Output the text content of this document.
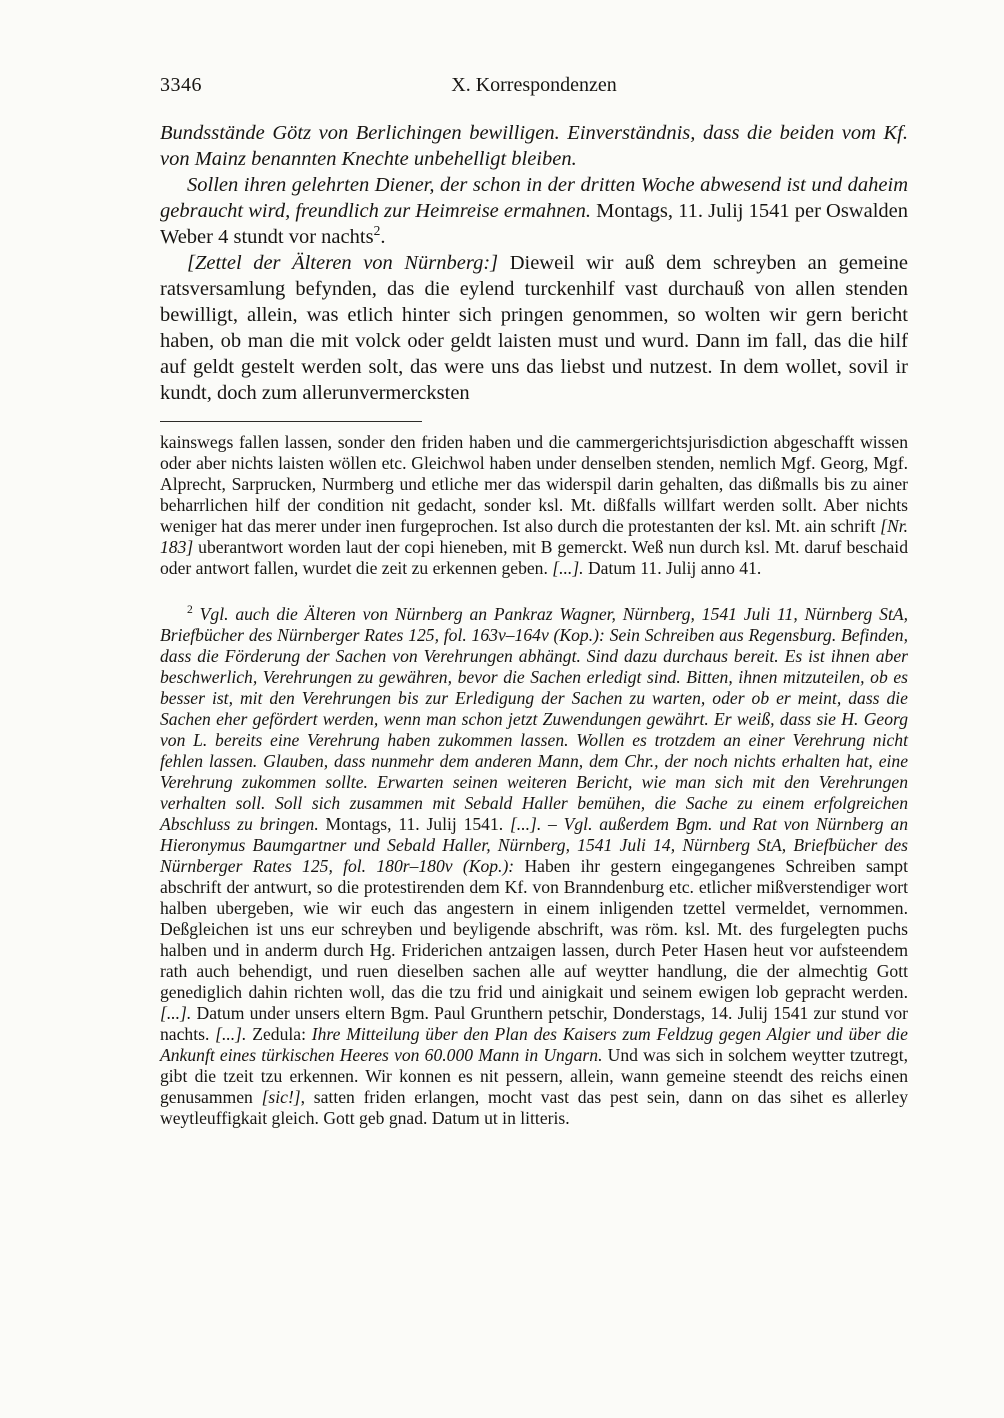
3346	X. Korrespondenzen

Bundsstände Götz von Berlichingen bewilligen. Einverständnis, dass die beiden vom Kf. von Mainz benannten Knechte unbehelligt bleiben.

Sollen ihren gelehrten Diener, der schon in der dritten Woche abwesend ist und daheim gebraucht wird, freundlich zur Heimreise ermahnen. Montags, 11. Julij 1541 per Oswalden Weber 4 stundt vor nachts$^2$.

[Zettel der Älteren von Nürnberg:] Dieweil wir auß dem schreyben an gemeine ratsversamlung befynden, das die eylend turckenhilf vast durchauß von allen stenden bewilligt, allein, was etlich hinter sich pringen genommen, so wolten wir gern bericht haben, ob man die mit volck oder geldt laisten must und wurd. Dann im fall, das die hilf auf geldt gestelt werden solt, das were uns das liebst und nutzest. In dem wollet, sovil ir kundt, doch zum allerunvermercksten

kainswegs fallen lassen, sonder den friden haben und die cammergerichtsjurisdiction abgeschafft wissen oder aber nichts laisten wöllen etc. Gleichwol haben under denselben stenden, nemlich Mgf. Georg, Mgf. Alprecht, Sarprucken, Nurmberg und etliche mer das widerspil darin gehalten, das dißmalls bis zu ainer beharrlichen hilf der condition nit gedacht, sonder ksl. Mt. dißfalls willfart werden sollt. Aber nichts weniger hat das merer under inen furgeprochen. Ist also durch die protestanten der ksl. Mt. ain schrift [Nr. 183] uberantwort worden laut der copi hieneben, mit B gemerckt. Weß nun durch ksl. Mt. daruf beschaid oder antwort fallen, wurdet die zeit zu erkennen geben. [...]. Datum 11. Julij anno 41.

$^2$ Vgl. auch die Älteren von Nürnberg an Pankraz Wagner, Nürnberg, 1541 Juli 11, Nürnberg StA, Briefbücher des Nürnberger Rates 125, fol. 163v–164v (Kop.): Sein Schreiben aus Regensburg. Befinden, dass die Förderung der Sachen von Verehrungen abhängt. Sind dazu durchaus bereit. Es ist ihnen aber beschwerlich, Verehrungen zu gewähren, bevor die Sachen erledigt sind. Bitten, ihnen mitzuteilen, ob es besser ist, mit den Verehrungen bis zur Erledigung der Sachen zu warten, oder ob er meint, dass die Sachen eher gefördert werden, wenn man schon jetzt Zuwendungen gewährt. Er weiß, dass sie H. Georg von L. bereits eine Verehrung haben zukommen lassen. Wollen es trotzdem an einer Verehrung nicht fehlen lassen. Glauben, dass nunmehr dem anderen Mann, dem Chr., der noch nichts erhalten hat, eine Verehrung zukommen sollte. Erwarten seinen weiteren Bericht, wie man sich mit den Verehrungen verhalten soll. Soll sich zusammen mit Sebald Haller bemühen, die Sache zu einem erfolgreichen Abschluss zu bringen. Montags, 11. Julij 1541. [...]. – Vgl. außerdem Bgm. und Rat von Nürnberg an Hieronymus Baumgartner und Sebald Haller, Nürnberg, 1541 Juli 14, Nürnberg StA, Briefbücher des Nürnberger Rates 125, fol. 180r–180v (Kop.): Haben ihr gestern eingegangenes Schreiben sampt abschrift der antwurt, so die protestirenden dem Kf. von Branndenburg etc. etlicher mißverstendiger wort halben ubergeben, wie wir euch das angestern in einem inligenden tzettel vermeldet, vernommen. Deßgleichen ist uns eur schreyben und beyligende abschrift, was röm. ksl. Mt. des furgelegten puchs halben und in anderm durch Hg. Friderichen antzaigen lassen, durch Peter Hasen heut vor aufsteendem rath auch behendigt, und ruen dieselben sachen alle auf weytter handlung, die der almechtig Gott genediglich dahin richten woll, das die tzu frid und ainigkait und seinem ewigen lob gepracht werden. [...]. Datum under unsers eltern Bgm. Paul Grunthern petschir, Donderstags, 14. Julij 1541 zur stund vor nachts. [...]. Zedula: Ihre Mitteilung über den Plan des Kaisers zum Feldzug gegen Algier und über die Ankunft eines türkischen Heeres von 60.000 Mann in Ungarn. Und was sich in solchem weytter tzutregt, gibt die tzeit tzu erkennen. Wir konnen es nit pessern, allein, wann gemeine steendt des reichs einen genusammen [sic!], satten friden erlangen, mocht vast das pest sein, dann on das sihet es allerley weytleuffigkait gleich. Gott geb gnad. Datum ut in litteris.
